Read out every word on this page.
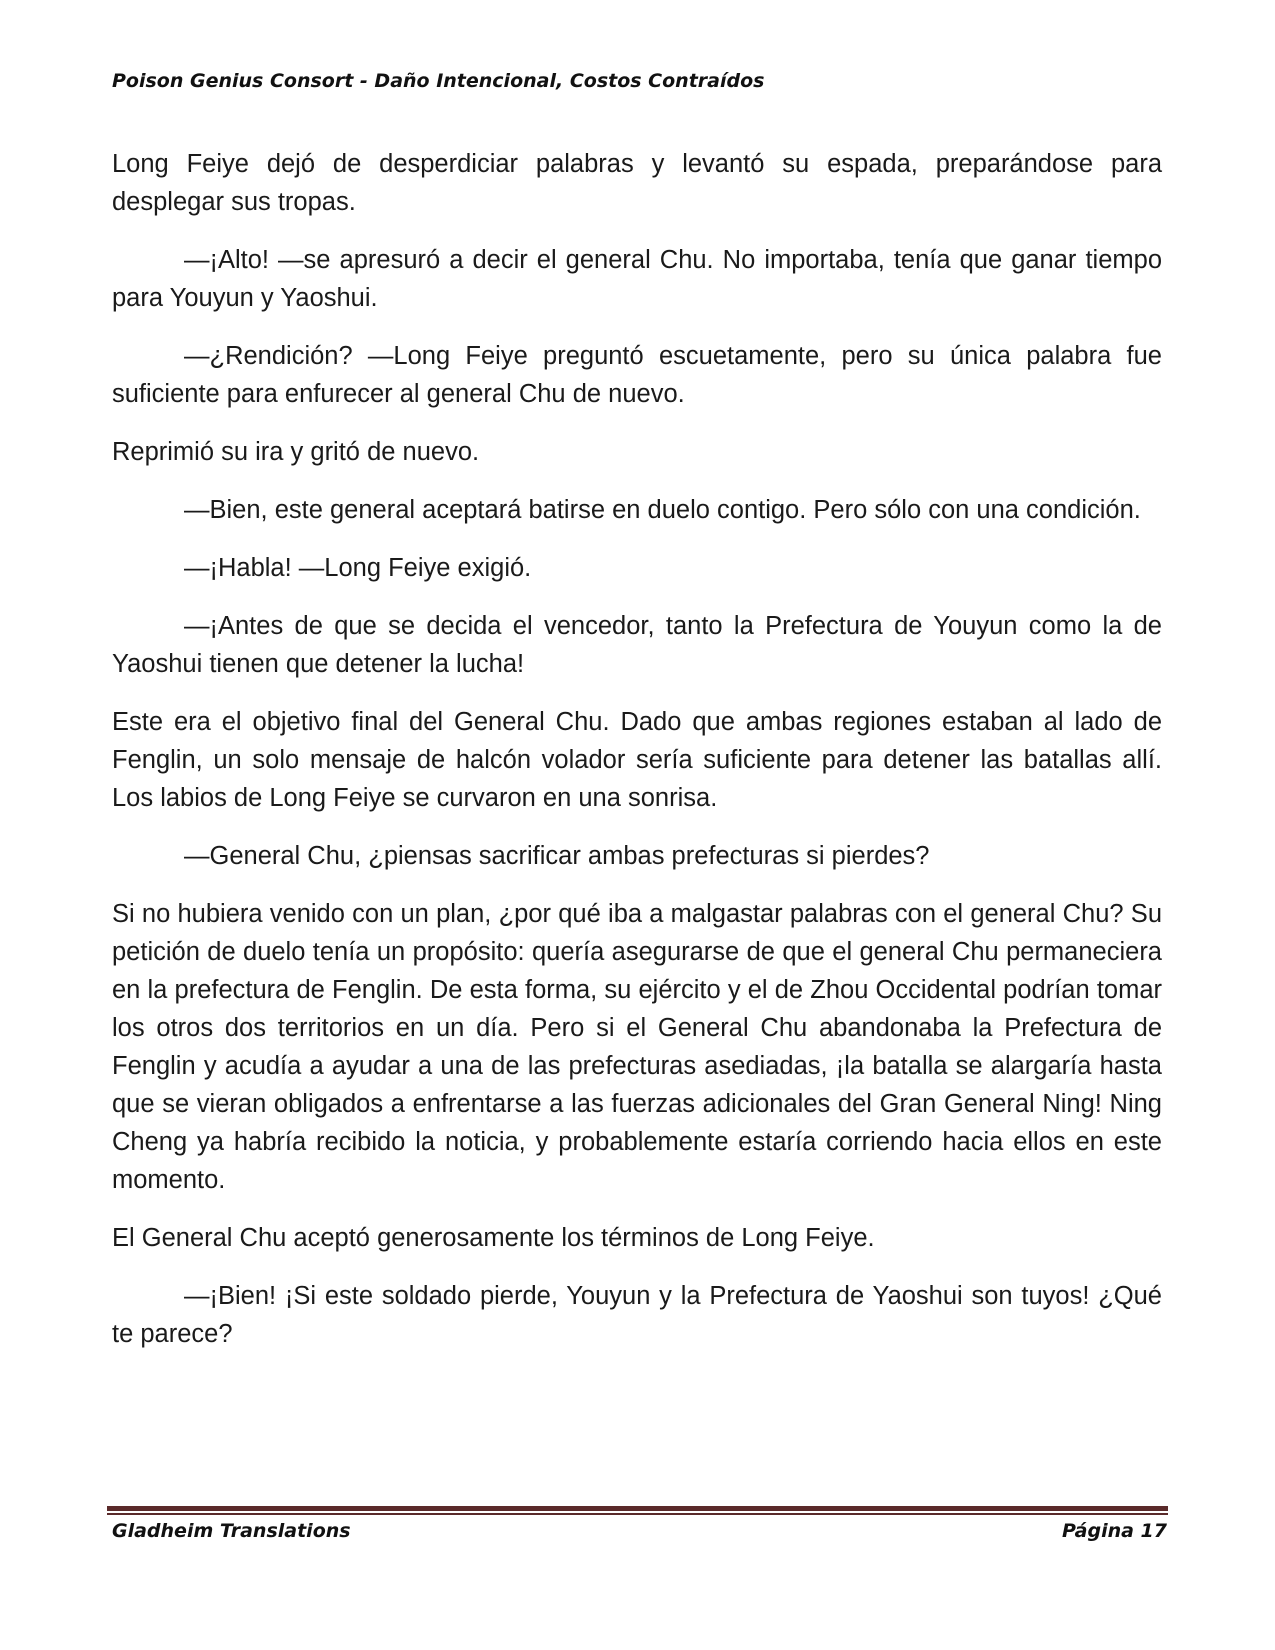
Poison Genius Consort - Daño Intencional, Costos Contraídos

Long Feiye dejó de desperdiciar palabras y levantó su espada, preparándose para desplegar sus tropas.

—¡Alto! —se apresuró a decir el general Chu. No importaba, tenía que ganar tiempo para Youyun y Yaoshui.

—¿Rendición? —Long Feiye preguntó escuetamente, pero su única palabra fue suficiente para enfurecer al general Chu de nuevo.

Reprimió su ira y gritó de nuevo.

—Bien, este general aceptará batirse en duelo contigo. Pero sólo con una condición.

—¡Habla! —Long Feiye exigió.

—¡Antes de que se decida el vencedor, tanto la Prefectura de Youyun como la de Yaoshui tienen que detener la lucha!

Este era el objetivo final del General Chu. Dado que ambas regiones estaban al lado de Fenglin, un solo mensaje de halcón volador sería suficiente para detener las batallas allí. Los labios de Long Feiye se curvaron en una sonrisa.

—General Chu, ¿piensas sacrificar ambas prefecturas si pierdes?

Si no hubiera venido con un plan, ¿por qué iba a malgastar palabras con el general Chu? Su petición de duelo tenía un propósito: quería asegurarse de que el general Chu permaneciera en la prefectura de Fenglin. De esta forma, su ejército y el de Zhou Occidental podrían tomar los otros dos territorios en un día. Pero si el General Chu abandonaba la Prefectura de Fenglin y acudía a ayudar a una de las prefecturas asediadas, ¡la batalla se alargaría hasta que se vieran obligados a enfrentarse a las fuerzas adicionales del Gran General Ning! Ning Cheng ya habría recibido la noticia, y probablemente estaría corriendo hacia ellos en este momento.

El General Chu aceptó generosamente los términos de Long Feiye.

—¡Bien! ¡Si este soldado pierde, Youyun y la Prefectura de Yaoshui son tuyos! ¿Qué te parece?

Gladheim Translations	Página 17
